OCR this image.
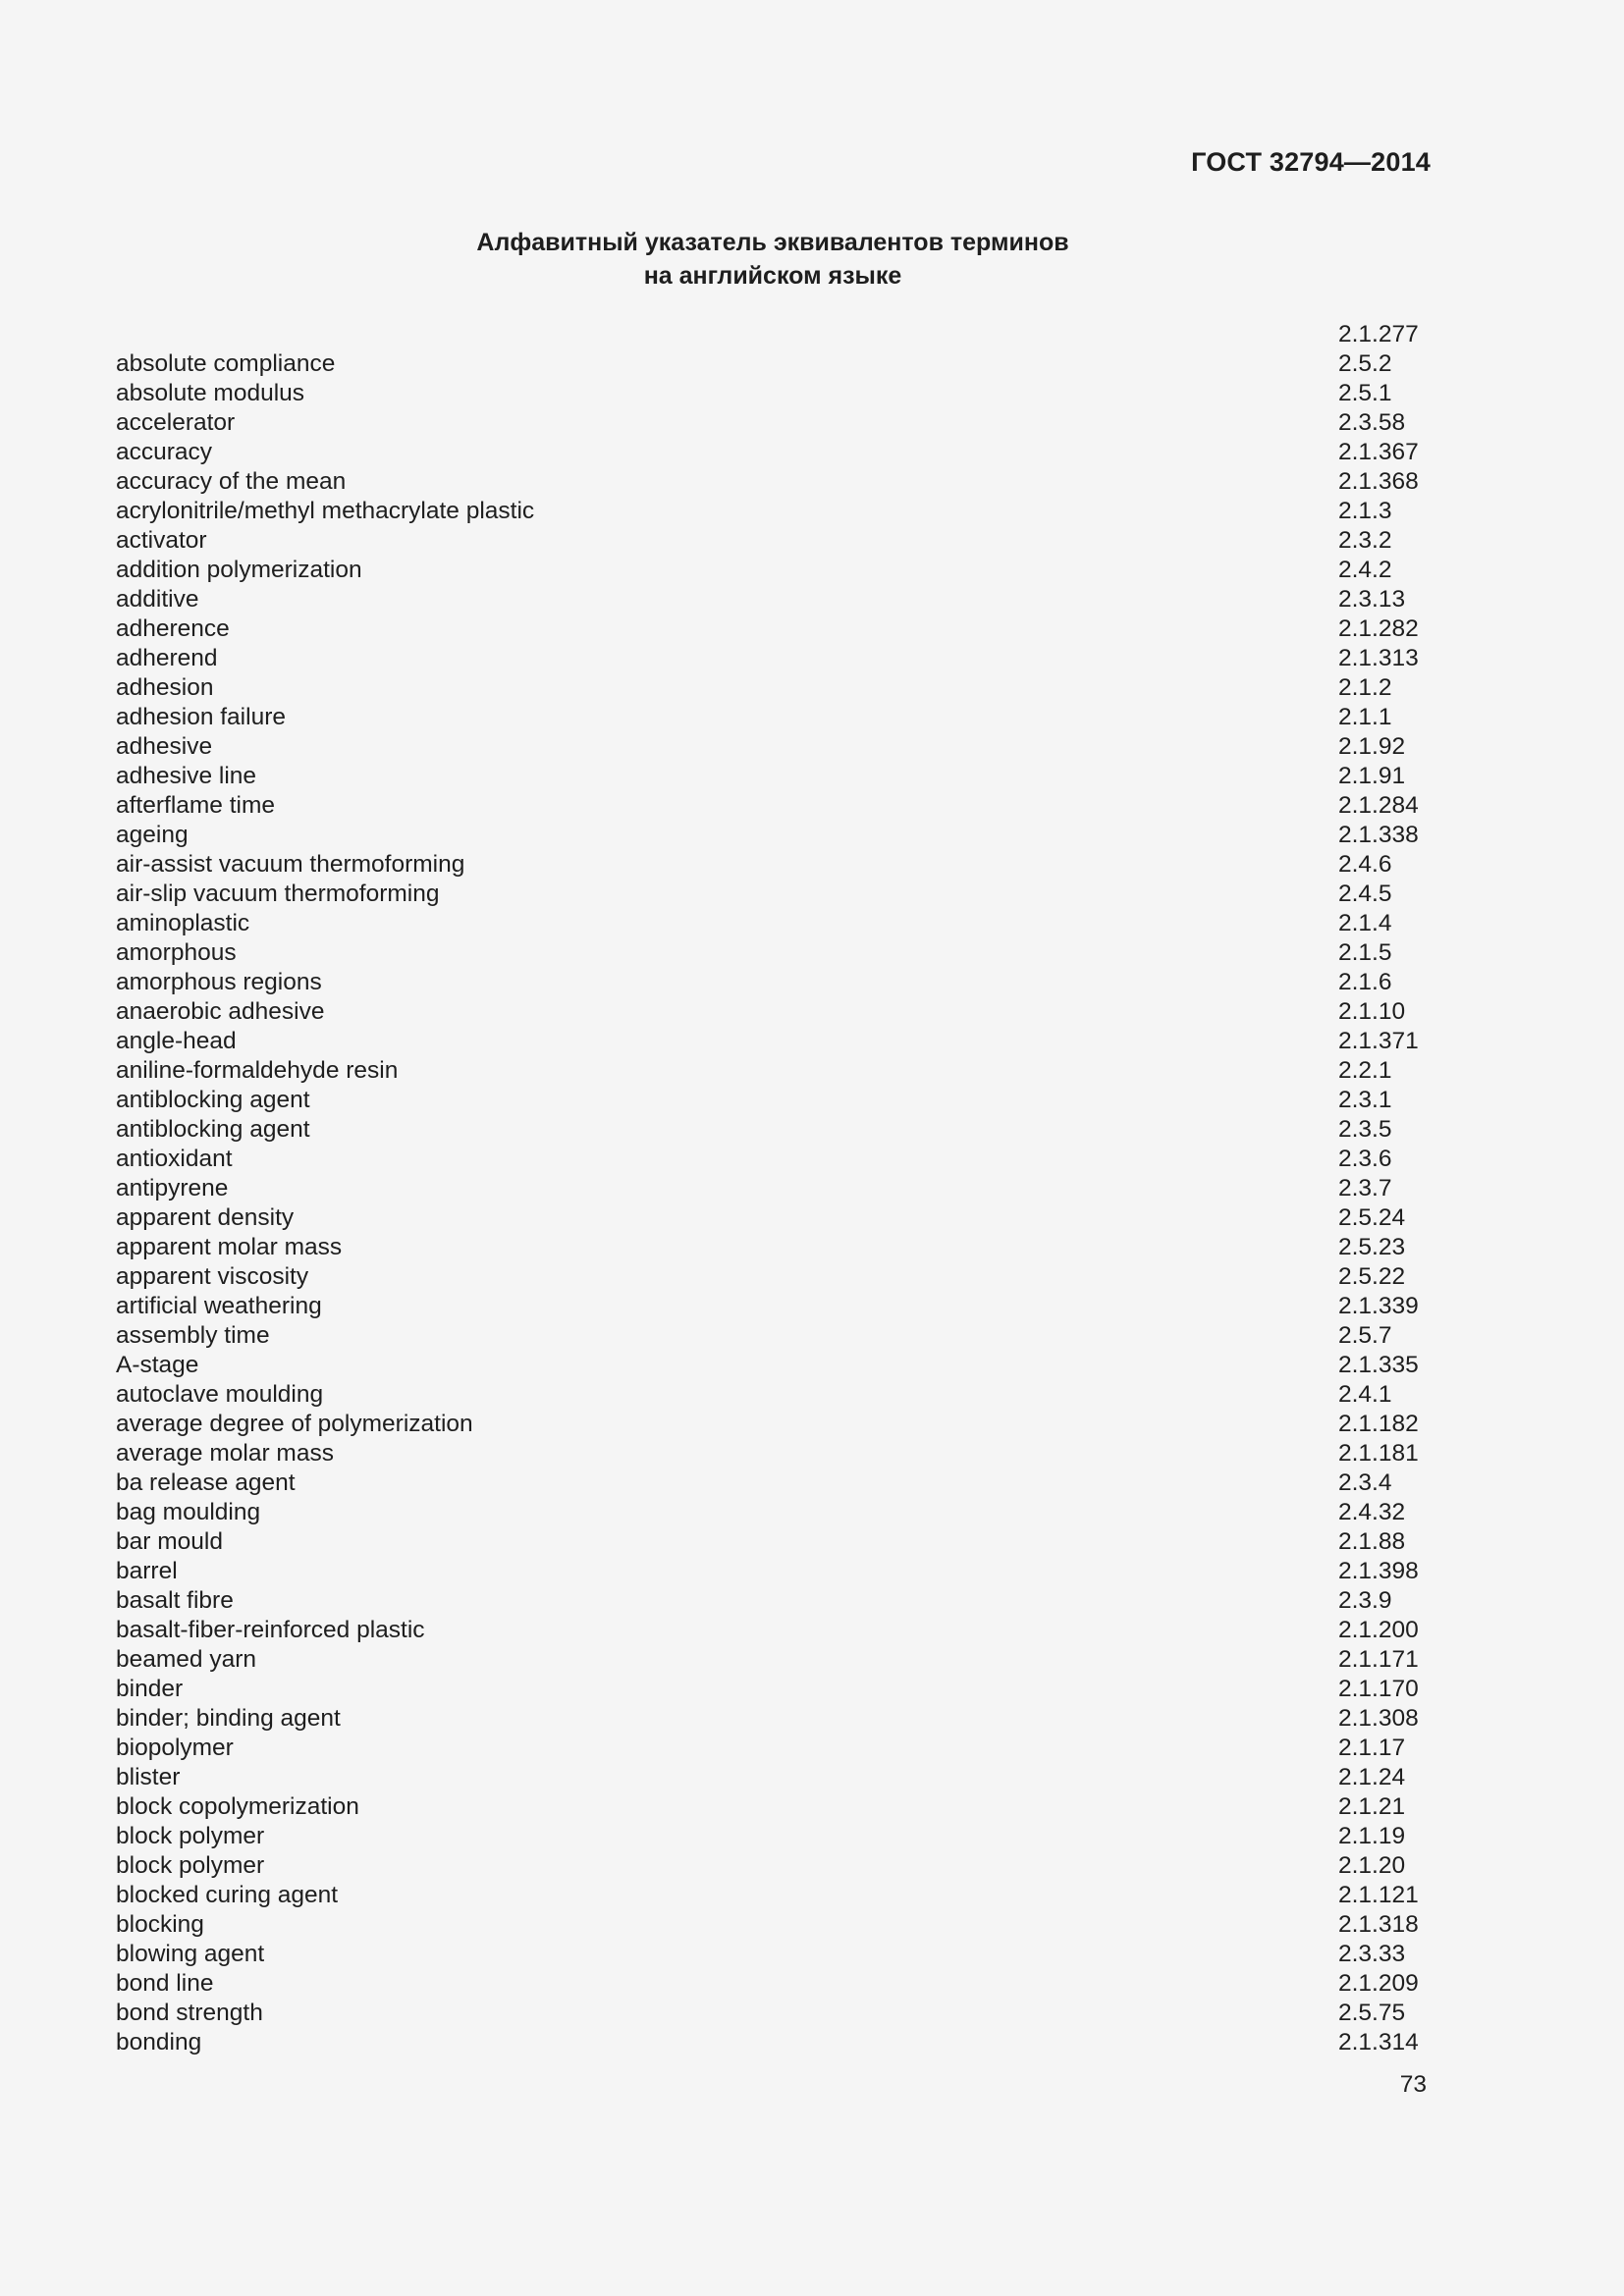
ГОСТ 32794—2014
Алфавитный указатель эквивалентов терминов
на английском языке
2.1.277
absolute compliance	2.5.2
absolute modulus	2.5.1
accelerator	2.3.58
accuracy	2.1.367
accuracy of the mean	2.1.368
acrylonitrile/methyl methacrylate plastic	2.1.3
activator	2.3.2
addition polymerization	2.4.2
additive	2.3.13
adherence	2.1.282
adherend	2.1.313
adhesion	2.1.2
adhesion failure	2.1.1
adhesive	2.1.92
adhesive line	2.1.91
afterflame time	2.1.284
ageing	2.1.338
air-assist vacuum thermoforming	2.4.6
air-slip vacuum thermoforming	2.4.5
aminoplastic	2.1.4
amorphous	2.1.5
amorphous regions	2.1.6
anaerobic adhesive	2.1.10
angle-head	2.1.371
aniline-formaldehyde resin	2.2.1
antiblocking agent	2.3.1
antiblocking agent	2.3.5
antioxidant	2.3.6
antipyrene	2.3.7
apparent density	2.5.24
apparent molar mass	2.5.23
apparent viscosity	2.5.22
artificial weathering	2.1.339
assembly time	2.5.7
A-stage	2.1.335
autoclave moulding	2.4.1
average degree of polymerization	2.1.182
average molar mass	2.1.181
ba release agent	2.3.4
bag moulding	2.4.32
bar mould	2.1.88
barrel	2.1.398
basalt fibre	2.3.9
basalt-fiber-reinforced plastic	2.1.200
beamed yarn	2.1.171
binder	2.1.170
binder; binding agent	2.1.308
biopolymer	2.1.17
blister	2.1.24
block copolymerization	2.1.21
block polymer	2.1.19
block polymer	2.1.20
blocked curing agent	2.1.121
blocking	2.1.318
blowing agent	2.3.33
bond line	2.1.209
bond strength	2.5.75
bonding	2.1.314
73
